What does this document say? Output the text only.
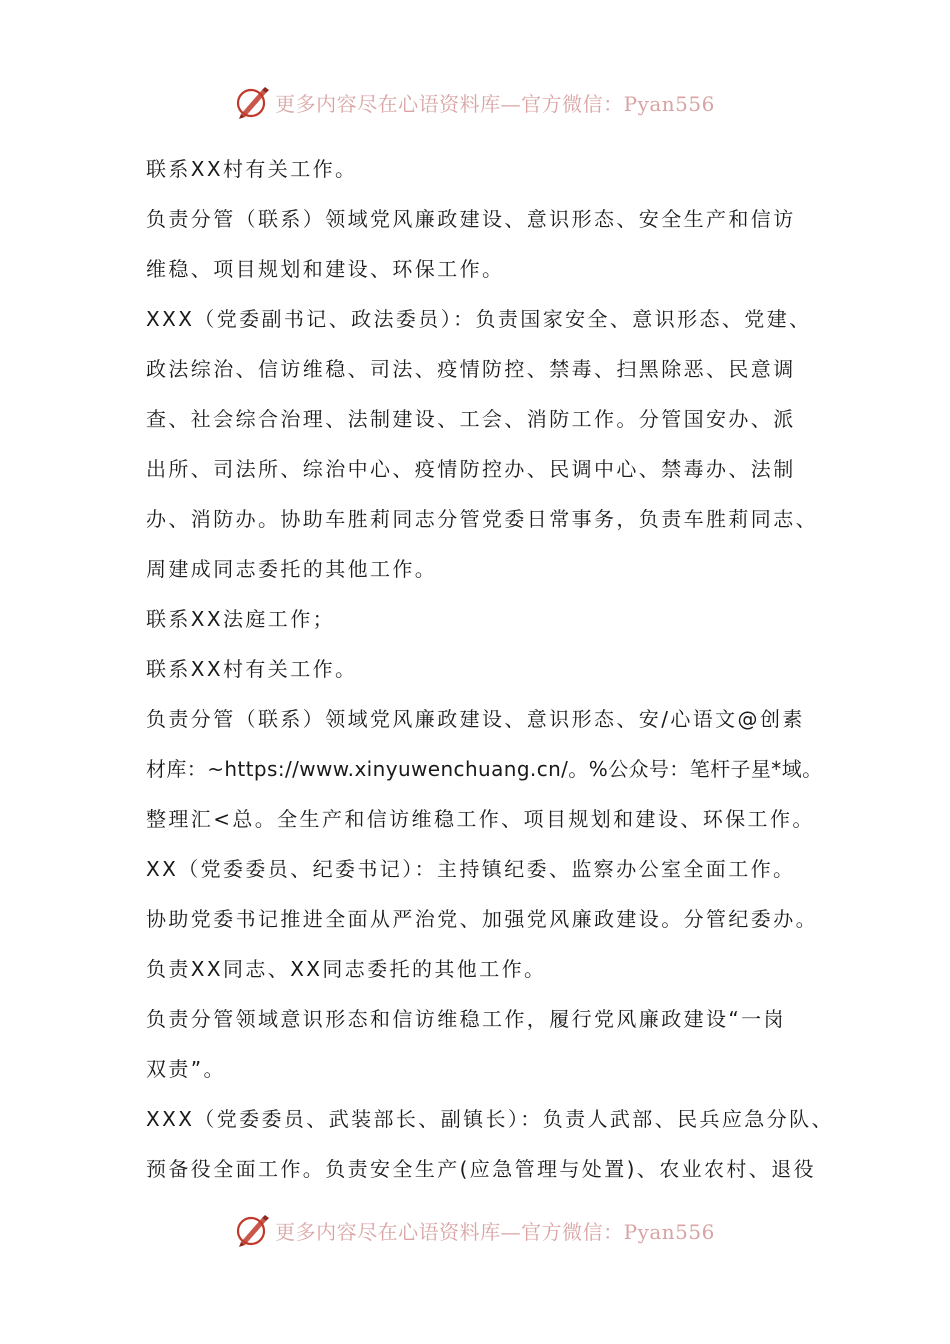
更多内容尽在心语资料库—官方微信：Pyan556

联系XX村有关工作。

负责分管（联系）领域党风廉政建设、意识形态、安全生产和信访

维稳、项目规划和建设、环保工作。

XXX（党委副书记、政法委员）：负责国家安全、意识形态、党建、

政法综治、信访维稳、司法、疫情防控、禁毒、扫黑除恶、民意调

查、社会综合治理、法制建设、工会、消防工作。分管国安办、派

出所、司法所、综治中心、疫情防控办、民调中心、禁毒办、法制

办、消防办。协助车胜莉同志分管党委日常事务，负责车胜莉同志、

周建成同志委托的其他工作。

联系XX法庭工作；

联系XX村有关工作。

负责分管（联系）领域党风廉政建设、意识形态、安/心语文@创素

材库：~https://www.xinyuwenchuang.cn/。%公众号：笔杆子星*域。

整理汇<总。全生产和信访维稳工作、项目规划和建设、环保工作。

XX（党委委员、纪委书记）：主持镇纪委、监察办公室全面工作。

协助党委书记推进全面从严治党、加强党风廉政建设。分管纪委办。

负责XX同志、XX同志委托的其他工作。

负责分管领域意识形态和信访维稳工作，履行党风廉政建设“一岗

双责”。

XXX（党委委员、武装部长、副镇长）：负责人武部、民兵应急分队、

预备役全面工作。负责安全生产(应急管理与处置)、农业农村、退役

更多内容尽在心语资料库—官方微信：Pyan556
